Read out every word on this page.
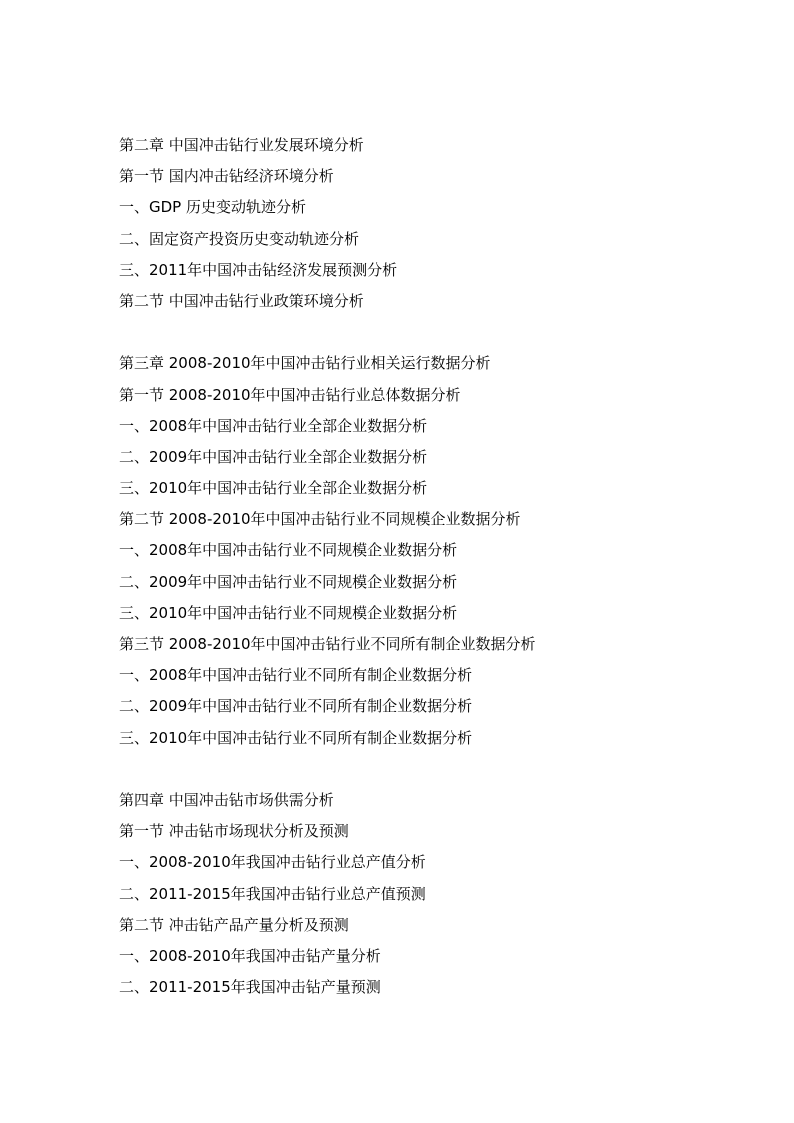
第二章 中国冲击钻行业发展环境分析
第一节 国内冲击钻经济环境分析
一、GDP 历史变动轨迹分析
二、固定资产投资历史变动轨迹分析
三、2011年中国冲击钻经济发展预测分析
第二节 中国冲击钻行业政策环境分析
第三章 2008-2010年中国冲击钻行业相关运行数据分析
第一节 2008-2010年中国冲击钻行业总体数据分析
一、2008年中国冲击钻行业全部企业数据分析
二、2009年中国冲击钻行业全部企业数据分析
三、2010年中国冲击钻行业全部企业数据分析
第二节 2008-2010年中国冲击钻行业不同规模企业数据分析
一、2008年中国冲击钻行业不同规模企业数据分析
二、2009年中国冲击钻行业不同规模企业数据分析
三、2010年中国冲击钻行业不同规模企业数据分析
第三节 2008-2010年中国冲击钻行业不同所有制企业数据分析
一、2008年中国冲击钻行业不同所有制企业数据分析
二、2009年中国冲击钻行业不同所有制企业数据分析
三、2010年中国冲击钻行业不同所有制企业数据分析
第四章 中国冲击钻市场供需分析
第一节 冲击钻市场现状分析及预测
一、2008-2010年我国冲击钻行业总产值分析
二、2011-2015年我国冲击钻行业总产值预测
第二节 冲击钻产品产量分析及预测
一、2008-2010年我国冲击钻产量分析
二、2011-2015年我国冲击钻产量预测
